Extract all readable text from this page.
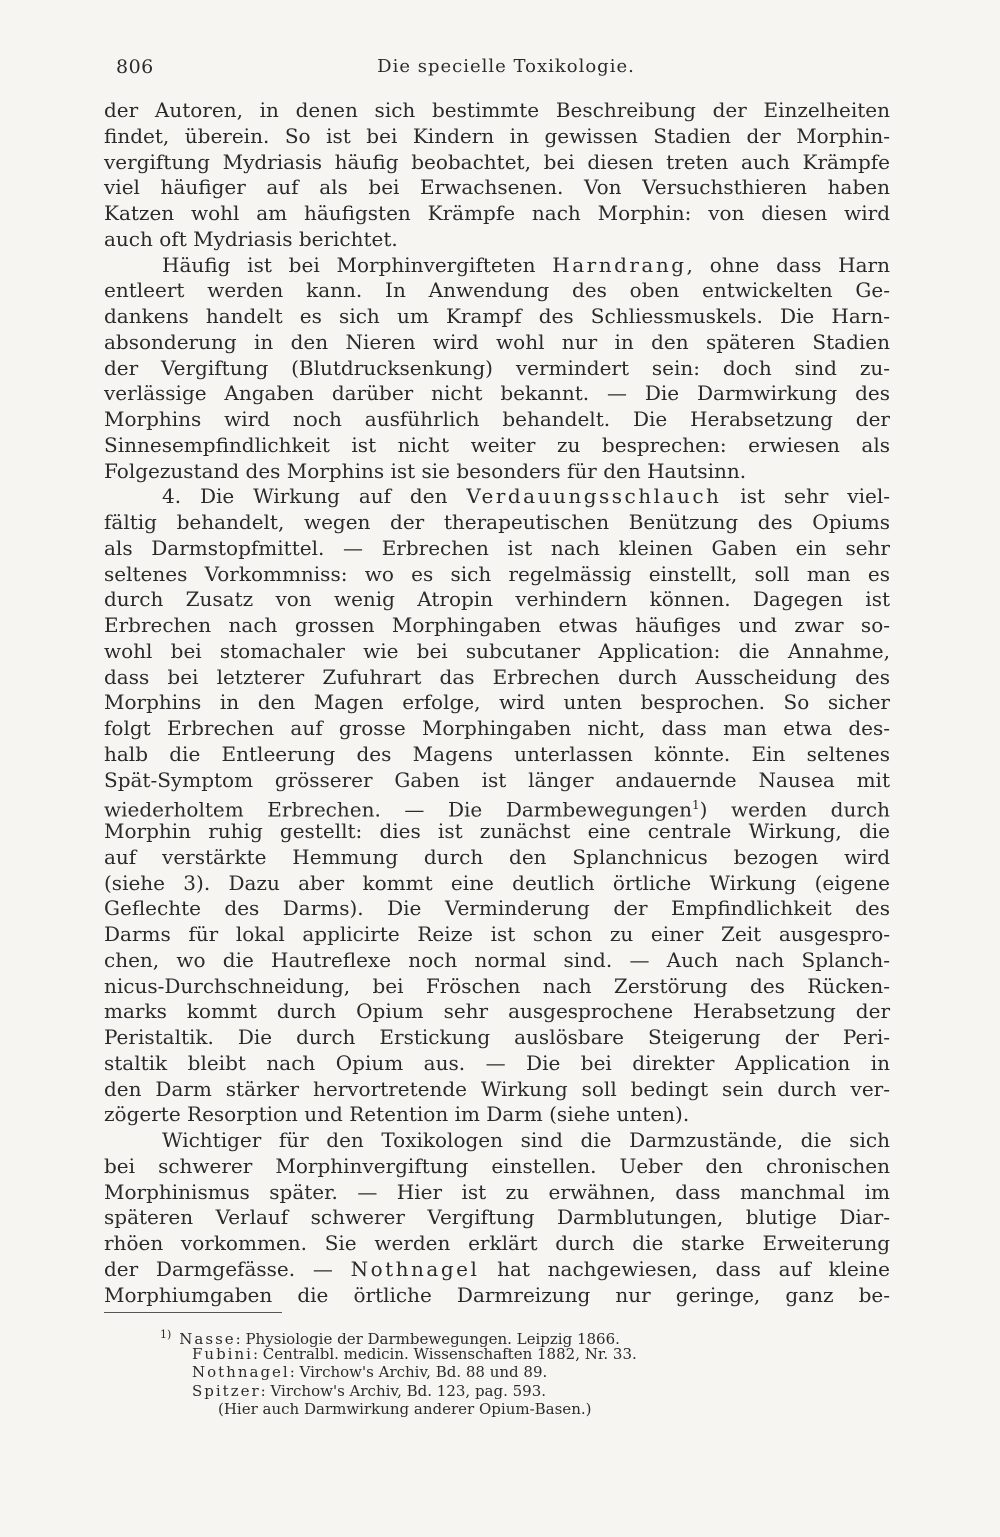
806	Die specielle Toxikologie.
der Autoren, in denen sich bestimmte Beschreibung der Einzelheiten
findet, überein. So ist bei Kindern in gewissen Stadien der Morphin-
vergiftung Mydriasis häufig beobachtet, bei diesen treten auch Krämpfe
viel häufiger auf als bei Erwachsenen. Von Versuchsthieren haben
Katzen wohl am häufigsten Krämpfe nach Morphin: von diesen wird
auch oft Mydriasis berichtet.
Häufig ist bei Morphinvergifteten Harndrang, ohne dass Harn
entleert werden kann. In Anwendung des oben entwickelten Ge-
dankens handelt es sich um Krampf des Schliessmuskels. Die Harn-
absonderung in den Nieren wird wohl nur in den späteren Stadien
der Vergiftung (Blutdrucksenkung) vermindert sein: doch sind zu-
verlässige Angaben darüber nicht bekannt. — Die Darmwirkung des
Morphins wird noch ausführlich behandelt. Die Herabsetzung der
Sinnesempfindlichkeit ist nicht weiter zu besprechen: erwiesen als
Folgezustand des Morphins ist sie besonders für den Hautsinn.
4. Die Wirkung auf den Verdauungsschlauch ist sehr viel-
fältig behandelt, wegen der therapeutischen Benützung des Opiums
als Darmstopfmittel. — Erbrechen ist nach kleinen Gaben ein sehr
seltenes Vorkommniss: wo es sich regelmässig einstellt, soll man es
durch Zusatz von wenig Atropin verhindern können. Dagegen ist
Erbrechen nach grossen Morphingaben etwas häufiges und zwar so-
wohl bei stomachaler wie bei subcutaner Application: die Annahme,
dass bei letzterer Zufuhrart das Erbrechen durch Ausscheidung des
Morphins in den Magen erfolge, wird unten besprochen. So sicher
folgt Erbrechen auf grosse Morphingaben nicht, dass man etwa des-
halb die Entleerung des Magens unterlassen könnte. Ein seltenes
Spät-Symptom grösserer Gaben ist länger andauernde Nausea mit
wiederholtem Erbrechen. — Die Darmbewegungen$^1$) werden durch
Morphin ruhig gestellt: dies ist zunächst eine centrale Wirkung, die
auf verstärkte Hemmung durch den Splanchnicus bezogen wird
(siehe 3). Dazu aber kommt eine deutlich örtliche Wirkung (eigene
Geflechte des Darms). Die Verminderung der Empfindlichkeit des
Darms für lokal applicirte Reize ist schon zu einer Zeit ausgespro-
chen, wo die Hautreflexe noch normal sind. — Auch nach Splanch-
nicus-Durchschneidung, bei Fröschen nach Zerstörung des Rücken-
marks kommt durch Opium sehr ausgesprochene Herabsetzung der
Peristaltik. Die durch Erstickung auslösbare Steigerung der Peri-
staltik bleibt nach Opium aus. — Die bei direkter Application in
den Darm stärker hervortretende Wirkung soll bedingt sein durch ver-
zögerte Resorption und Retention im Darm (siehe unten).
Wichtiger für den Toxikologen sind die Darmzustände, die sich
bei schwerer Morphinvergiftung einstellen. Ueber den chronischen
Morphinismus später. — Hier ist zu erwähnen, dass manchmal im
späteren Verlauf schwerer Vergiftung Darmblutungen, blutige Diar-
rhöen vorkommen. Sie werden erklärt durch die starke Erweiterung
der Darmgefässe. — Nothnagel hat nachgewiesen, dass auf kleine
Morphiumgaben die örtliche Darmreizung nur geringe, ganz be-
$^{1)}$ Nasse: Physiologie der Darmbewegungen. Leipzig 1866.
Fubini: Centralbl. medicin. Wissenschaften 1882, Nr. 33.
Nothnagel: Virchow's Archiv, Bd. 88 und 89.
Spitzer: Virchow's Archiv, Bd. 123, pag. 593.
(Hier auch Darmwirkung anderer Opium-Basen.)
